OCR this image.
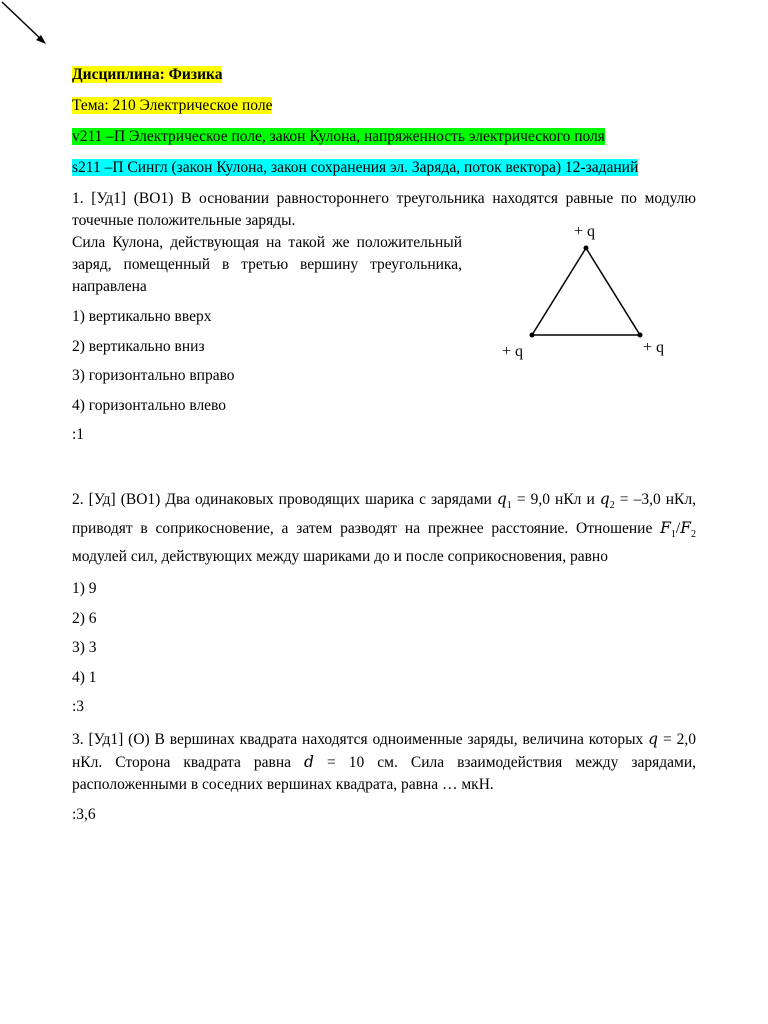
Дисциплина: Физика
Тема: 210 Электрическое поле
v211 –П Электрическое поле, закон Кулона, напряженность электрического поля
s211 –П Сингл (закон Кулона, закон сохранения эл. Заряда, поток вектора) 12-заданий

1. [Уд1] (ВО1) В основании равностороннего треугольника находятся равные по модулю точечные положительные заряды.

Сила Кулона, действующая на такой же положительный заряд, помещенный в третью вершину треугольника, направлена

1) вертикально вверх

2) вертикально вниз

3) горизонтально вправо

4) горизонтально влево

:1

+ q
+ q	+ q

2. [Уд] (ВО1) Два одинаковых проводящих шарика с зарядами $q_1 = 9,0$ нКл и $q_2 = -3,0$ нКл, приводят в соприкосновение, а затем разводят на прежнее расстояние. Отношение $F_1/F_2$ модулей сил, действующих между шариками до и после соприкосновения, равно

1) 9

2) 6

3) 3

4) 1

:3

3. [Уд1] (О) В вершинах квадрата находятся одноименные заряды, величина которых q = 2,0 нКл. Сторона квадрата равна d = 10 см. Сила взаимодействия между зарядами, расположенными в соседних вершинах квадрата, равна … мкН.

:3,6
